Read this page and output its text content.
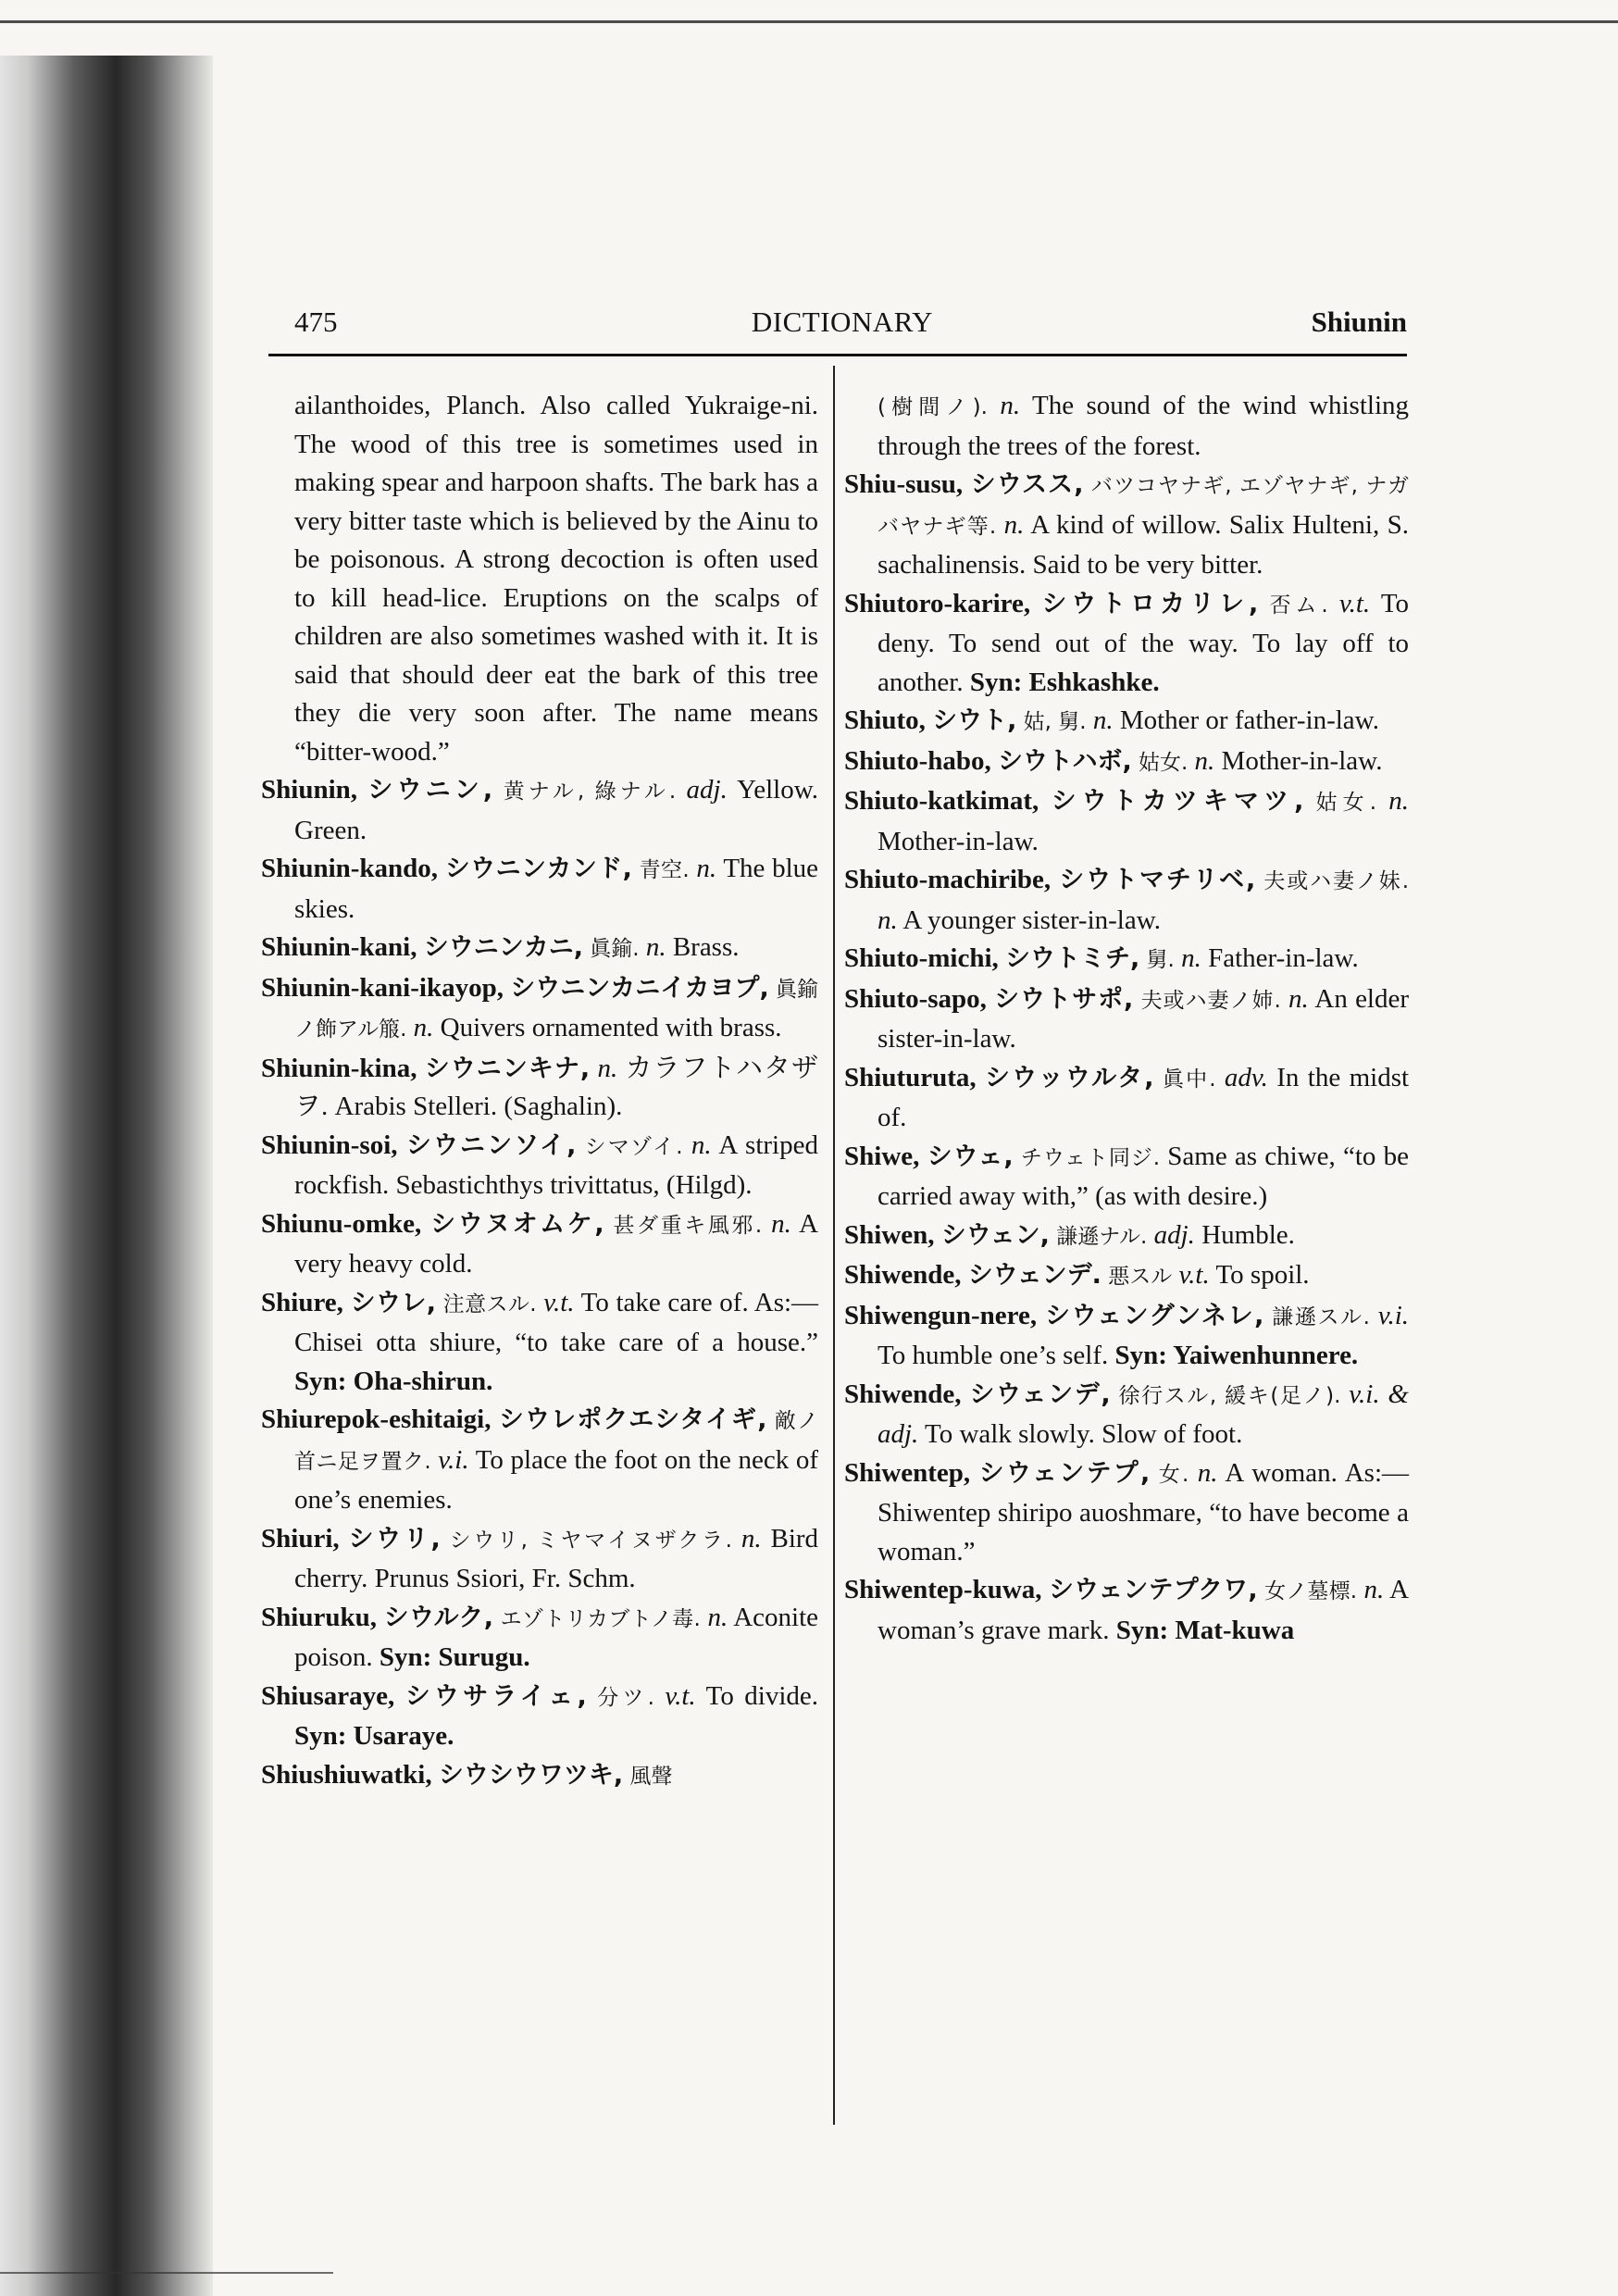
475	DICTIONARY	Shiunin
ailanthoides, Planch. Also called Yukraige-ni. The wood of this tree is sometimes used in making spear and harpoon shafts. The bark has a very bitter taste which is believed by the Ainu to be poisonous. A strong decoction is often used to kill head-lice. Eruptions on the scalps of children are also sometimes washed with it. It is said that should deer eat the bark of this tree they die very soon after. The name means “bitter-wood.”
Shiunin, シウニン, 黄ナル, 綠ナル. adj. Yellow. Green.
Shiunin-kando, シウニンカンド, 青空. n. The blue skies.
Shiunin-kani, シウニンカニ, 眞鍮. n. Brass.
Shiunin-kani-ikayop, シウニンカニイカヨプ, 眞鍮ノ飾アル箙. n. Quivers ornamented with brass.
Shiunin-kina, シウニンキナ, n. カラフトハタザヲ. Arabis Stelleri. (Saghalin).
Shiunin-soi, シウニンソイ, シマゾイ. n. A striped rockfish. Sebastichthys trivittatus, (Hilgd).
Shiunu-omke, シウヌオムケ, 甚ダ重キ風邪. n. A very heavy cold.
Shiure, シウレ, 注意スル. v.t. To take care of. As:—Chisei otta shiure, “to take care of a house.” Syn: Oha-shirun.
Shiurepok-eshitaigi, シウレポクエシタイギ, 敵ノ首ニ足ヲ置ク. v.i. To place the foot on the neck of one’s enemies.
Shiuri, シウリ, シウリ, ミヤマイヌザクラ. n. Bird cherry. Prunus Ssiori, Fr. Schm.
Shiuruku, シウルク, エゾトリカブトノ毒. n. Aconite poison. Syn: Surugu.
Shiusaraye, シウサライェ, 分ツ. v.t. To divide. Syn: Usaraye.
Shiushiuwatki, シウシウワツキ, 風聲
(樹間ノ). n. The sound of the wind whistling through the trees of the forest.
Shiu-susu, シウスス, バツコヤナギ, エゾヤナギ, ナガバヤナギ等. n. A kind of willow. Salix Hulteni, S. sachalinensis. Said to be very bitter.
Shiutoro-karire, シウトロカリレ, 否ム. v.t. To deny. To send out of the way. To lay off to another. Syn: Eshkashke.
Shiuto, シウト, 姑, 舅. n. Mother or father-in-law.
Shiuto-habo, シウトハボ, 姑女. n. Mother-in-law.
Shiuto-katkimat, シウトカツキマツ, 姑女. n. Mother-in-law.
Shiuto-machiribe, シウトマチリベ, 夫或ハ妻ノ妹. n. A younger sister-in-law.
Shiuto-michi, シウトミチ, 舅. n. Father-in-law.
Shiuto-sapo, シウトサポ, 夫或ハ妻ノ姉. n. An elder sister-in-law.
Shiuturuta, シウッウルタ, 眞中. adv. In the midst of.
Shiwe, シウェ, チウェト同ジ. Same as chiwe, “to be carried away with,” (as with desire.)
Shiwen, シウェン, 謙遜ナル. adj. Humble.
Shiwende, シウェンデ. 悪スル v.t. To spoil.
Shiwengun-nere, シウェングンネレ, 謙遜スル. v.i. To humble one’s self. Syn: Yaiwenhunnere.
Shiwende, シウェンデ, 徐行スル, 緩キ(足ノ). v.i. & adj. To walk slowly. Slow of foot.
Shiwentep, シウェンテプ, 女. n. A woman. As:—Shiwentep shiripo auoshmare, “to have become a woman.”
Shiwentep-kuwa, シウェンテプクワ, 女ノ墓標. n. A woman’s grave mark. Syn: Mat-kuwa
